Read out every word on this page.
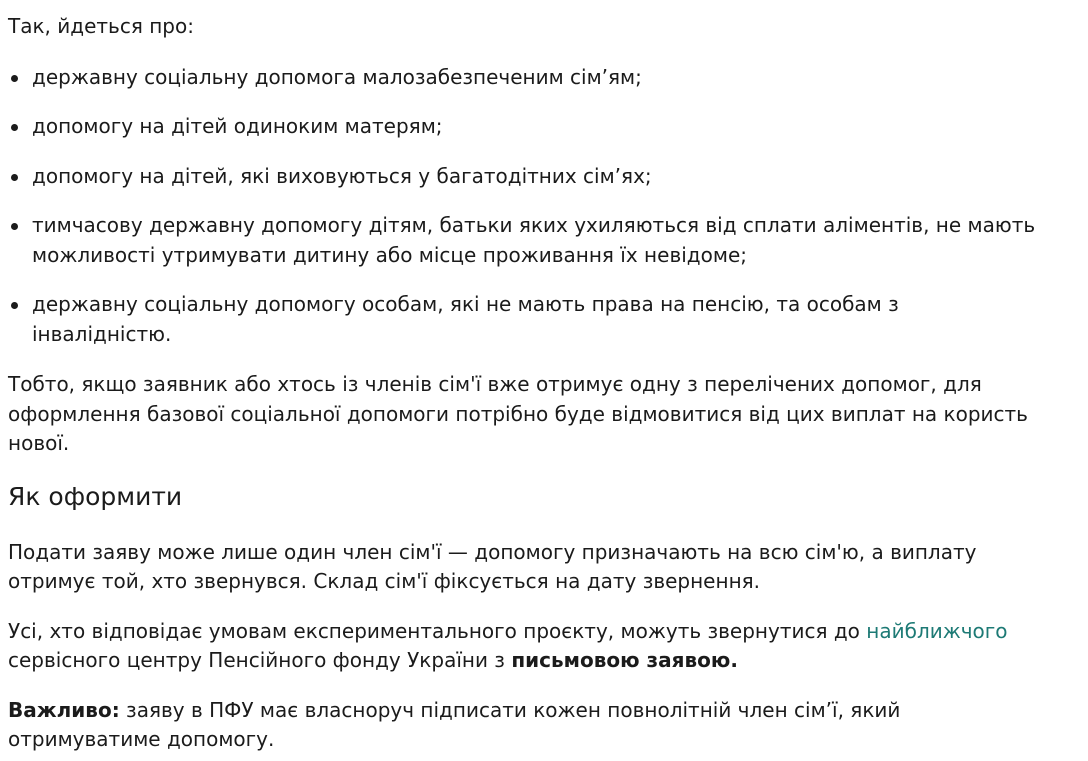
Так, йдеться про:

державну соціальну допомога малозабезпеченим сім’ям;
допомогу на дітей одиноким матерям;
допомогу на дітей, які виховуються у багатодітних сім’ях;
тимчасову державну допомогу дітям, батьки яких ухиляються від сплати аліментів, не мають можливості утримувати дитину або місце проживання їх невідоме;
державну соціальну допомогу особам, які не мають права на пенсію, та особам з інвалідністю.

Тобто, якщо заявник або хтось із членів сім'ї вже отримує одну з перелічених допомог, для оформлення базової соціальної допомоги потрібно буде відмовитися від цих виплат на користь нової.

Як оформити

Подати заяву може лише один член сім'ї — допомогу призначають на всю сім'ю, а виплату отримує той, хто звернувся. Склад сім'ї фіксується на дату звернення.

Усі, хто відповідає умовам експериментального проєкту, можуть звернутися до найближчого сервісного центру Пенсійного фонду України з письмовою заявою.

Важливо: заяву в ПФУ має власноруч підписати кожен повнолітній член сім’ї, який отримуватиме допомогу.
